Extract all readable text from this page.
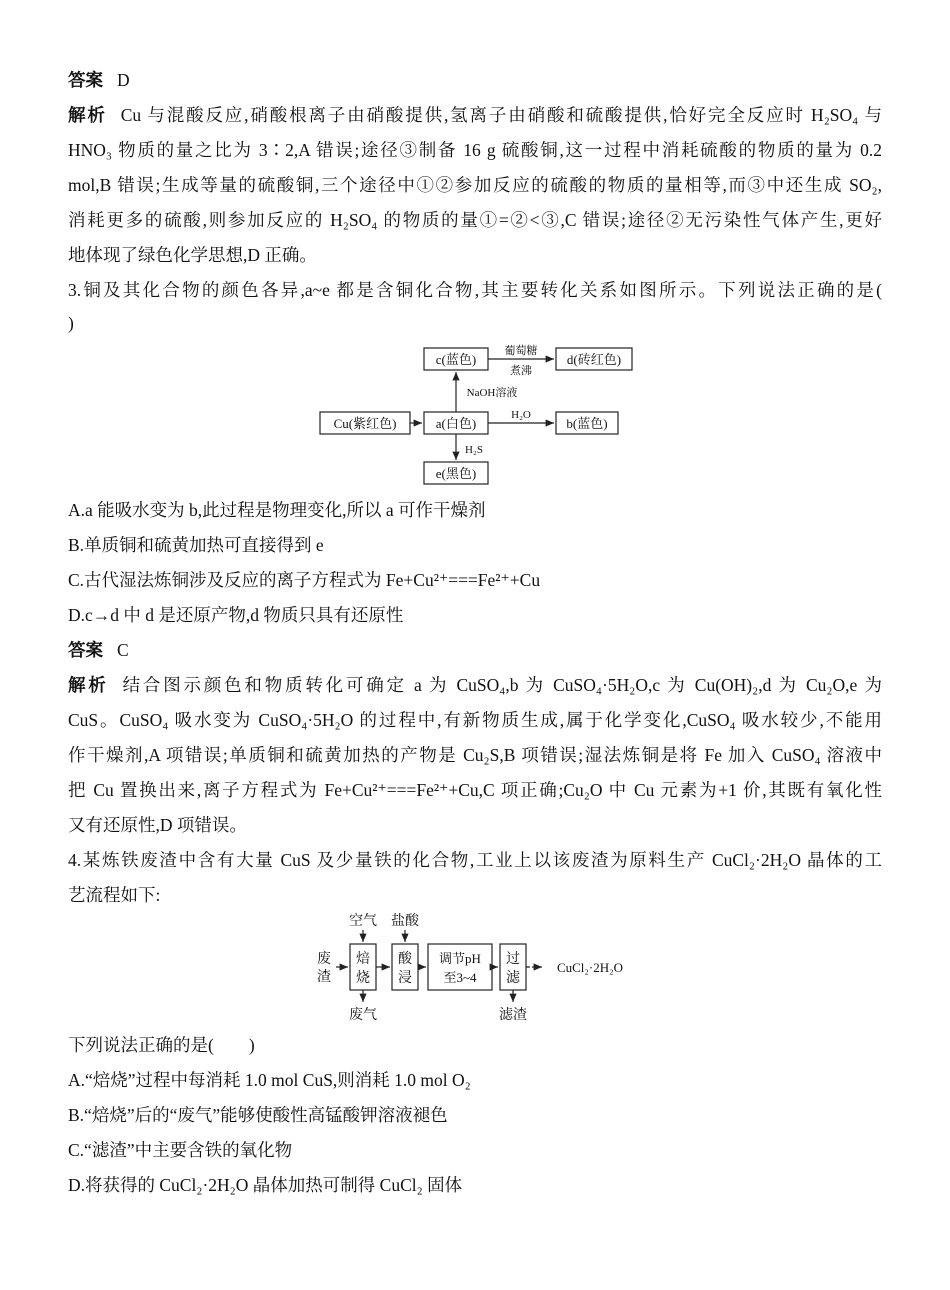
答案 D
解析 Cu 与混酸反应,硝酸根离子由硝酸提供,氢离子由硝酸和硫酸提供,恰好完全反应时 H₂SO₄ 与
HNO₃ 物质的量之比为 3∶2,A 错误;途径③制备 16 g 硫酸铜,这一过程中消耗硫酸的物质的量为 0.2
mol,B 错误;生成等量的硫酸铜,三个途径中①②参加反应的硫酸的物质的量相等,而③中还生成 SO₂,
消耗更多的硫酸,则参加反应的 H₂SO₄ 的物质的量①=②<③,C 错误;途径②无污染性气体产生,更好
地体现了绿色化学思想,D 正确。
3.铜及其化合物的颜色各异,a~e 都是含铜化合物,其主要转化关系如图所示。下列说法正确的是(
)
c(蓝色)	d(砖红色)
Cu(紫红色)	a(白色)	b(蓝色)
e(黑色)
葡萄糖
煮沸
NaOH溶液
H₂O
H₂S
A.a 能吸水变为 b,此过程是物理变化,所以 a 可作干燥剂
B.单质铜和硫黄加热可直接得到 e
C.古代湿法炼铜涉及反应的离子方程式为 Fe+Cu²⁺===Fe²⁺+Cu
D.c→d 中 d 是还原产物,d 物质只具有还原性
答案 C
解析 结合图示颜色和物质转化可确定 a 为 CuSO₄,b 为 CuSO₄·5H₂O,c 为 Cu(OH)₂,d 为 Cu₂O,e 为
CuS。CuSO₄ 吸水变为 CuSO₄·5H₂O 的过程中,有新物质生成,属于化学变化,CuSO₄ 吸水较少,不能用
作干燥剂,A 项错误;单质铜和硫黄加热的产物是 Cu₂S,B 项错误;湿法炼铜是将 Fe 加入 CuSO₄ 溶液中
把 Cu 置换出来,离子方程式为 Fe+Cu²⁺===Fe²⁺+Cu,C 项正确;Cu₂O 中 Cu 元素为+1 价,其既有氧化性
又有还原性,D 项错误。
4.某炼铁废渣中含有大量 CuS 及少量铁的化合物,工业上以该废渣为原料生产 CuCl₂·2H₂O 晶体的工
艺流程如下:
废
渣
空气 盐酸
焙
烧
酸
浸
调节pH
至3~4
过
滤
CuCl₂·2H₂O
废气	滤渣
下列说法正确的是(　　)
A.“焙烧”过程中每消耗 1.0 mol CuS,则消耗 1.0 mol O₂
B.“焙烧”后的“废气”能够使酸性高锰酸钾溶液褪色
C.“滤渣”中主要含铁的氧化物
D.将获得的 CuCl₂·2H₂O 晶体加热可制得 CuCl₂ 固体
